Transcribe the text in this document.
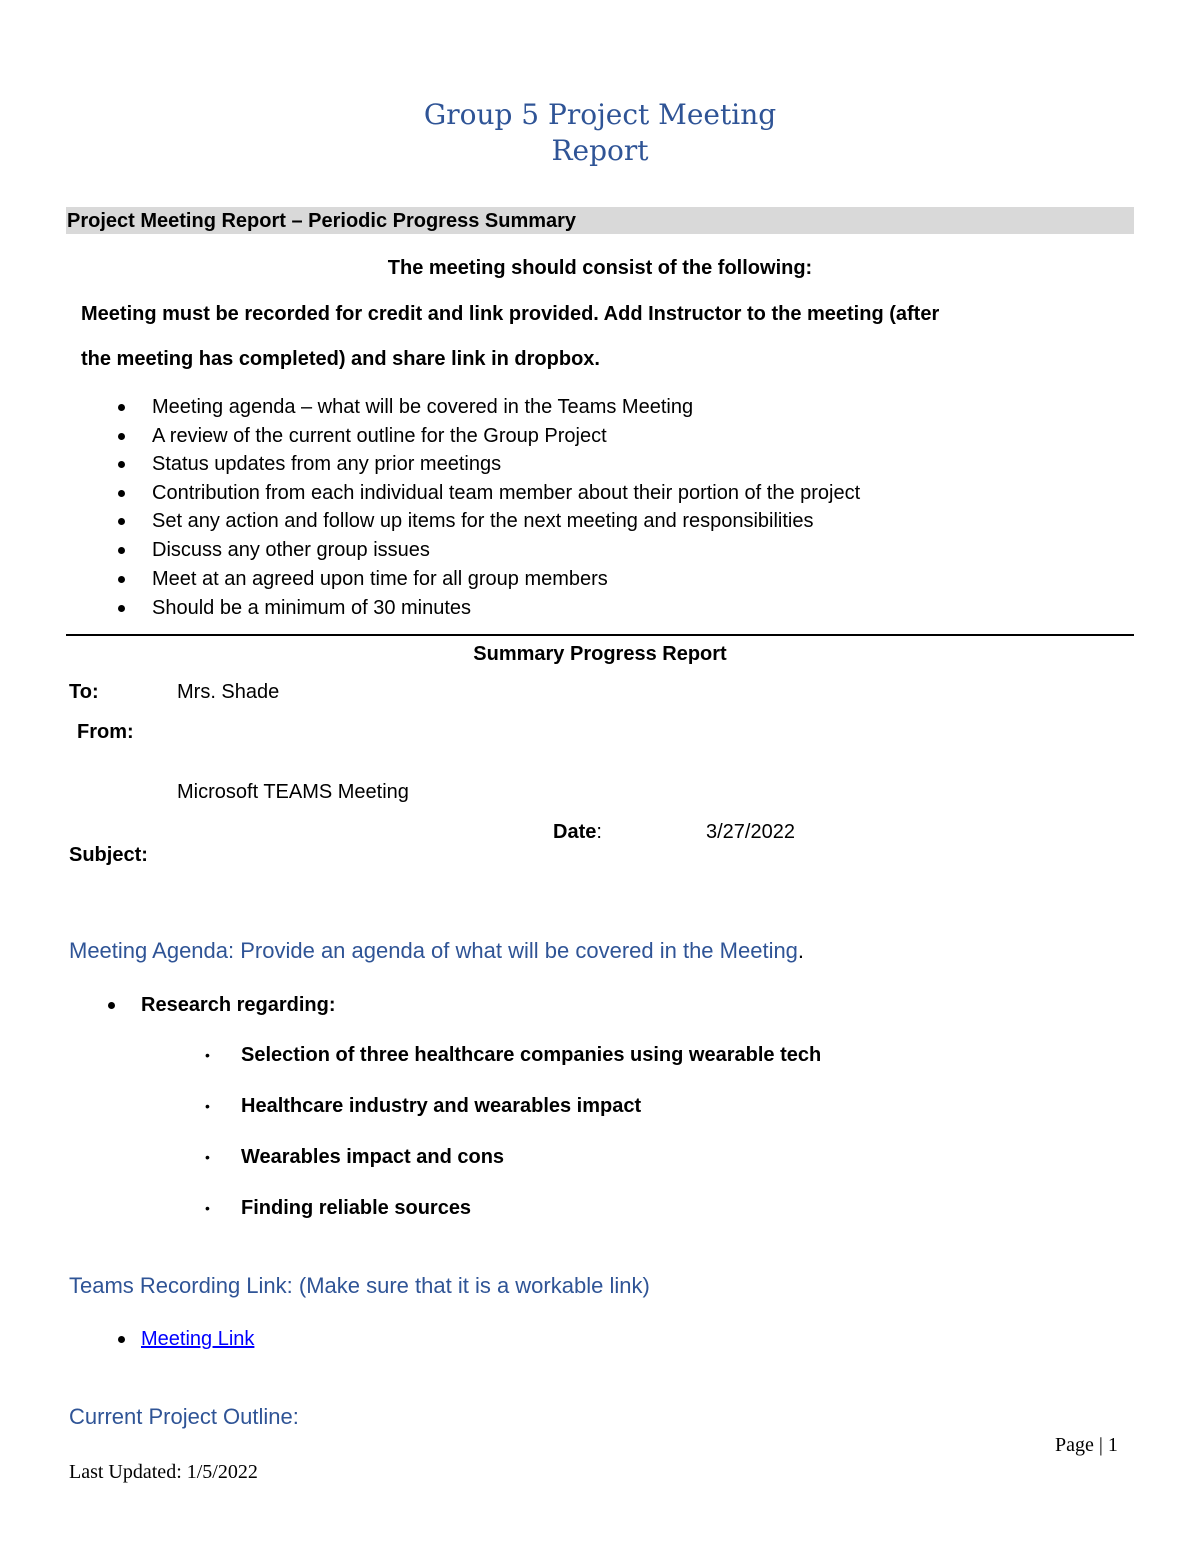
Group 5 Project Meeting
Report
Project Meeting Report – Periodic Progress Summary
The meeting should consist of the following:
Meeting must be recorded for credit and link provided. Add Instructor to the meeting (after
the meeting has completed) and share link in dropbox.
Meeting agenda – what will be covered in the Teams Meeting
A review of the current outline for the Group Project
Status updates from any prior meetings
Contribution from each individual team member about their portion of the project
Set any action and follow up items for the next meeting and responsibilities
Discuss any other group issues
Meet at an agreed upon time for all group members
Should be a minimum of 30 minutes
Summary Progress Report
To:	Mrs. Shade
From:
Microsoft TEAMS Meeting
Date:	3/27/2022
Subject:
Meeting Agenda: Provide an agenda of what will be covered in the Meeting.
Research regarding:
• Selection of three healthcare companies using wearable tech
• Healthcare industry and wearables impact
• Wearables impact and cons
• Finding reliable sources
Teams Recording Link: (Make sure that it is a workable link)
Meeting Link
Current Project Outline:
Page | 1
Last Updated: 1/5/2022
